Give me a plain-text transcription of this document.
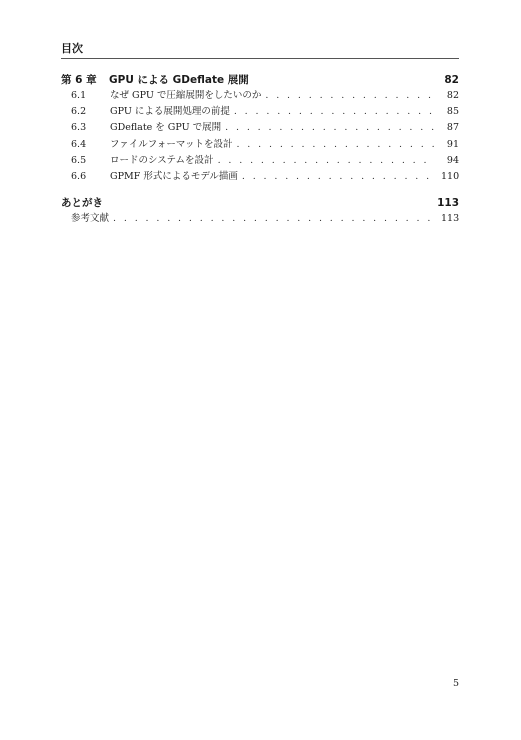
目次
第 6 章	GPU による GDeflate 展開	82
6.1	なぜ GPU で圧縮展開をしたいのか . . .	82
6.2	GPU による展開処理の前提 . . .	85
6.3	GDeflate を GPU で展開 . . .	87
6.4	ファイルフォーマットを設計 . . .	91
6.5	ロードのシステムを設計 . . .	94
6.6	GPMF 形式によるモデル描画 . . .	110
あとがき	113
参考文献 . . .	113
5
